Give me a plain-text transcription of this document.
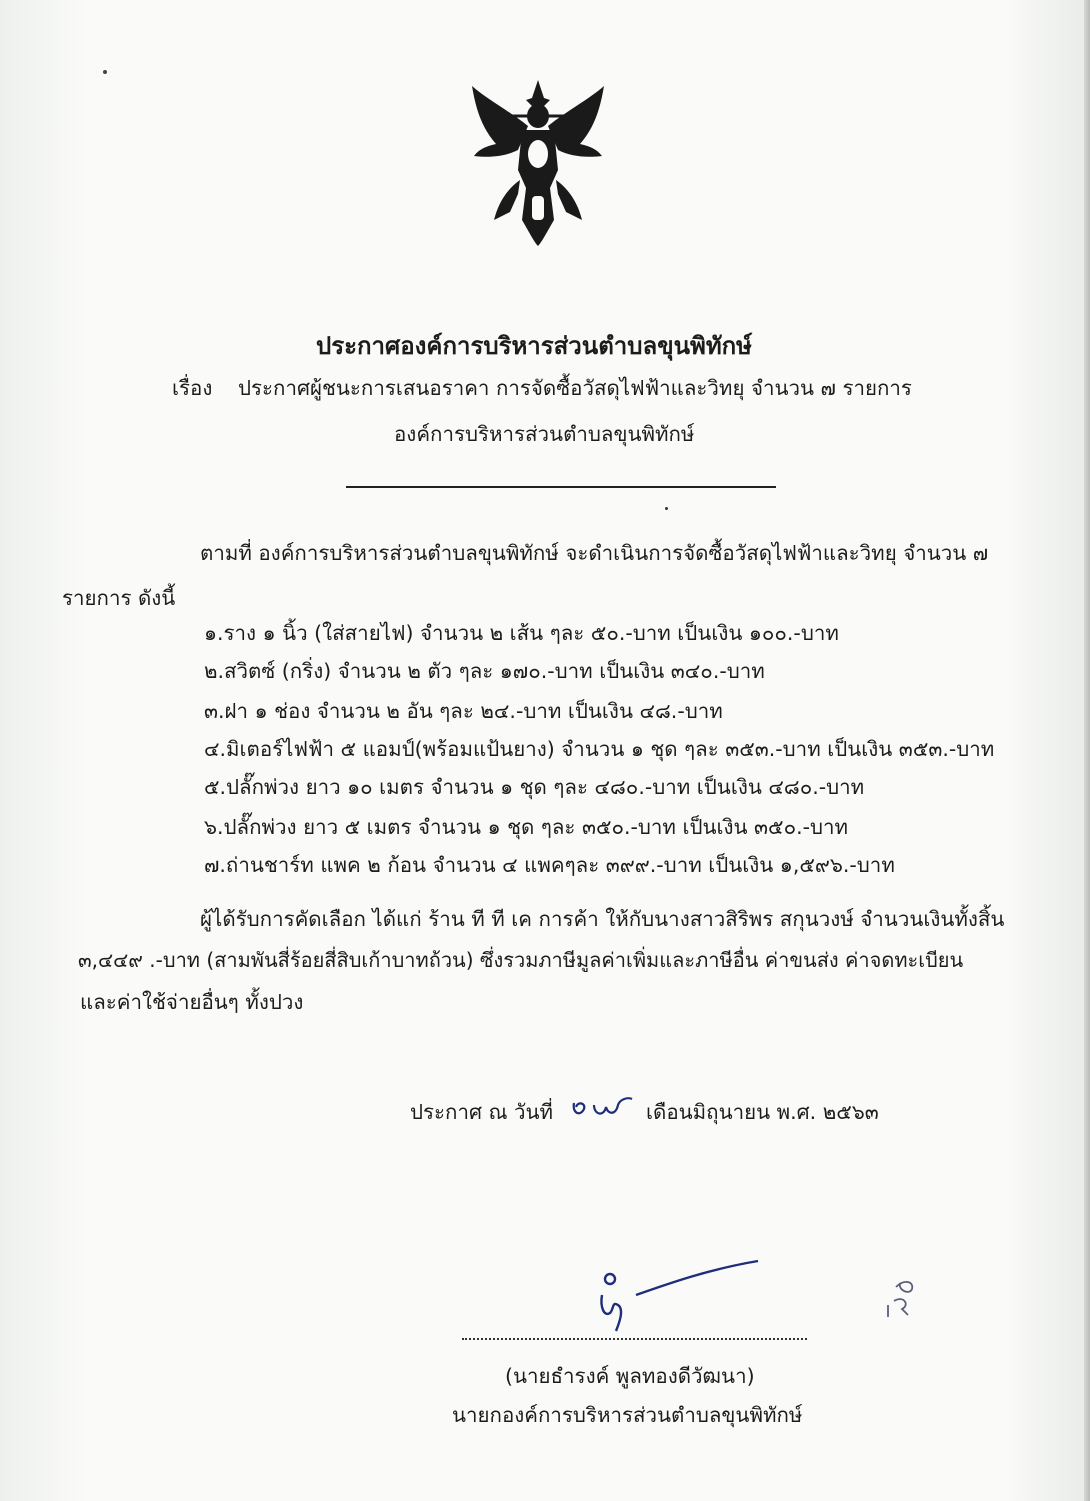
ประกาศองค์การบริหารส่วนตำบลขุนพิทักษ์
เรื่อง ประกาศผู้ชนะการเสนอราคา การจัดซื้อวัสดุไฟฟ้าและวิทยุ จำนวน ๗ รายการ
องค์การบริหารส่วนตำบลขุนพิทักษ์
ตามที่ องค์การบริหารส่วนตำบลขุนพิทักษ์ จะดำเนินการจัดซื้อวัสดุไฟฟ้าและวิทยุ จำนวน ๗
รายการ ดังนี้
๑.ราง ๑ นิ้ว (ใส่สายไฟ) จำนวน ๒ เส้น ๆละ ๕๐.-บาท เป็นเงิน ๑๐๐.-บาท
๒.สวิตซ์ (กริ่ง) จำนวน ๒ ตัว ๆละ ๑๗๐.-บาท เป็นเงิน ๓๔๐.-บาท
๓.ฝา ๑ ช่อง จำนวน ๒ อัน ๆละ ๒๔.-บาท เป็นเงิน ๔๘.-บาท
๔.มิเตอร์ไฟฟ้า ๕ แอมป์(พร้อมแป้นยาง) จำนวน ๑ ชุด ๆละ ๓๕๓.-บาท เป็นเงิน ๓๕๓.-บาท
๕.ปลั๊กพ่วง ยาว ๑๐ เมตร จำนวน ๑ ชุด ๆละ ๔๘๐.-บาท เป็นเงิน ๔๘๐.-บาท
๖.ปลั๊กพ่วง ยาว ๕ เมตร จำนวน ๑ ชุด ๆละ ๓๕๐.-บาท เป็นเงิน ๓๕๐.-บาท
๗.ถ่านชาร์ท แพค ๒ ก้อน จำนวน ๔ แพคๆละ ๓๙๙.-บาท เป็นเงิน ๑,๕๙๖.-บาท
ผู้ได้รับการคัดเลือก ได้แก่ ร้าน ที ที เค การค้า ให้กับนางสาวสิริพร สกุนวงษ์ จำนวนเงินทั้งสิ้น
๓,๔๔๙ .-บาท (สามพันสี่ร้อยสี่สิบเก้าบาทถ้วน) ซึ่งรวมภาษีมูลค่าเพิ่มและภาษีอื่น ค่าขนส่ง ค่าจดทะเบียน
และค่าใช้จ่ายอื่นๆ ทั้งปวง
ประกาศ ณ วันที่	เดือนมิถุนายน พ.ศ. ๒๕๖๓
(นายธำรงค์ พูลทองดีวัฒนา)
นายกองค์การบริหารส่วนตำบลขุนพิทักษ์
